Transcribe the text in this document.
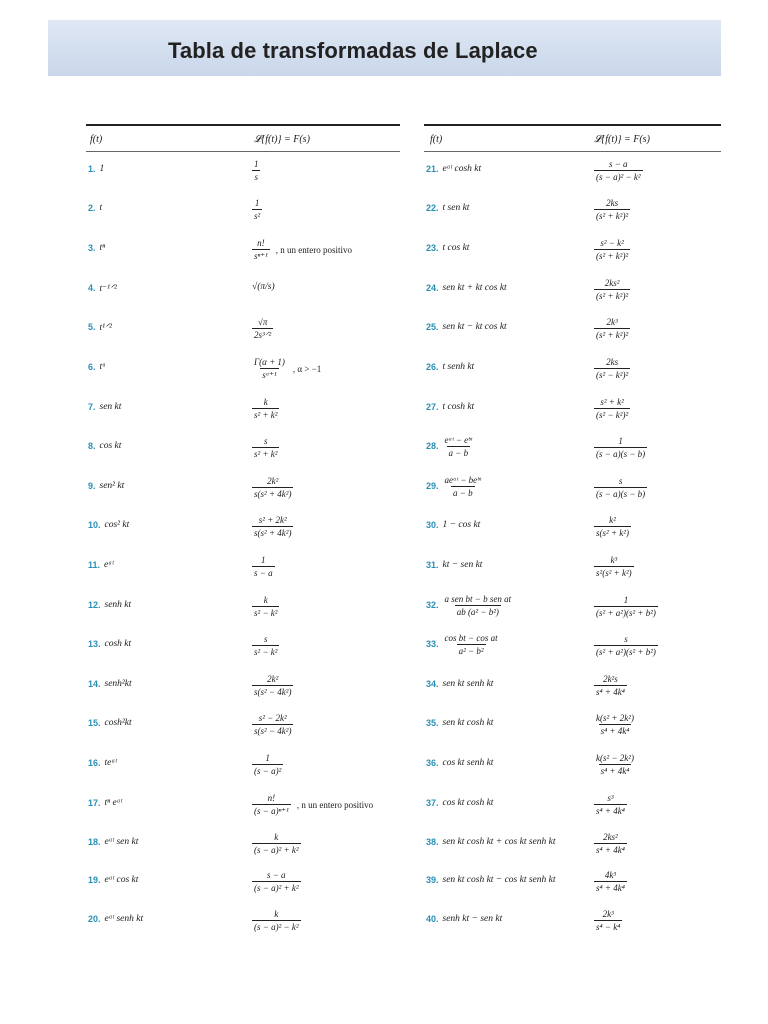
Tabla de transformadas de Laplace
f(t)	𝓛{f(t)} = F(s)
1. 1	$\frac{1}{s}$
2. t	$\frac{1}{\text{s²}}$
3. tⁿ	$\frac{n!}{\text{sⁿ⁺¹}}$ , n un entero positivo
4. t⁻¹ᐟ²	√(π/s)
5. t¹ᐟ²	$\frac{√\pi}{\text{2s³ᐟ²}}$
6. tᵅ	$\frac{\Gamma(\alpha + 1)}{\text{sᵅ⁺¹}}$ , α > −1
7. sen kt	$\frac{k}{\text{s² + k²}}$
8. cos kt	$\frac{s}{\text{s² + k²}}$
9. sen² kt	$\frac{\text{2k²}}{\text{s(s² + 4k²)}}$
10. cos² kt	$\frac{\text{s² + 2k²}}{\text{s(s² + 4k²)}}$
11. eᵃᵗ	$\frac{1}{s - a}$
12. senh kt	$\frac{k}{\text{s² − k²}}$
13. cosh kt	$\frac{s}{\text{s² − k²}}$
14. senh²kt	$\frac{\text{2k²}}{\text{s(s² − 4k²)}}$
15. cosh²kt	$\frac{\text{s² − 2k²}}{\text{s(s² − 4k²)}}$
16. teᵃᵗ	$\frac{1}{\text{(s − a)²}}$
17. tⁿ eᵃᵗ	$\frac{n!}{\text{(s − a)ⁿ⁺¹}}$ , n un entero positivo
18. eᵃᵗ sen kt	$\frac{k}{\text{(s − a)² + k²}}$
19. eᵃᵗ cos kt	$\frac{s - a}{\text{(s − a)² + k²}}$
20. eᵃᵗ senh kt	$\frac{k}{\text{(s − a)² − k²}}$
f(t)	𝓛{f(t)} = F(s)
21. eᵃᵗ cosh kt	$\frac{s - a}{\text{(s − a)² − k²}}$
22. t sen kt	$\frac{2ks}{\text{(s² + k²)²}}$
23. t cos kt	$\frac{\text{s² − k²}}{\text{(s² + k²)²}}$
24. sen kt + kt cos kt	$\frac{\text{2ks²}}{\text{(s² + k²)²}}$
25. sen kt − kt cos kt	$\frac{\text{2k³}}{\text{(s² + k²)²}}$
26. t senh kt	$\frac{2ks}{\text{(s² − k²)²}}$
27. t cosh kt	$\frac{\text{s² + k²}}{\text{(s² − k²)²}}$
28. $\frac{\text{eᵃᵗ − eᵇᵗ}}{a - b}$	$\frac{1}{(s - a)(s - b)}$
29. $\frac{\text{aeᵃᵗ − beᵇᵗ}}{a - b}$	$\frac{s}{(s - a)(s - b)}$
30. 1 − cos kt	$\frac{\text{k²}}{\text{s(s² + k²)}}$
31. kt − sen kt	$\frac{\text{k³}}{\text{s²(s² + k²)}}$
32. $\frac{\text{a sen bt − b sen at}}{\text{ab (a² − b²)}}$	$\frac{1}{\text{(s² + a²)(s² + b²)}}$
33. $\frac{\text{cos bt − cos at}}{\text{a² − b²}}$	$\frac{s}{\text{(s² + a²)(s² + b²)}}$
34. sen kt senh kt	$\frac{\text{2k²s}}{\text{s⁴ + 4k⁴}}$
35. sen kt cosh kt	$\frac{\text{k(s² + 2k²)}}{\text{s⁴ + 4k⁴}}$
36. cos kt senh kt	$\frac{\text{k(s² − 2k²)}}{\text{s⁴ + 4k⁴}}$
37. cos kt cosh kt	$\frac{\text{s³}}{\text{s⁴ + 4k⁴}}$
38. sen kt cosh kt + cos kt senh kt	$\frac{\text{2ks²}}{\text{s⁴ + 4k⁴}}$
39. sen kt cosh kt − cos kt senh kt	$\frac{\text{4k³}}{\text{s⁴ + 4k⁴}}$
40. senh kt − sen kt	$\frac{\text{2k³}}{\text{s⁴ − k⁴}}$
